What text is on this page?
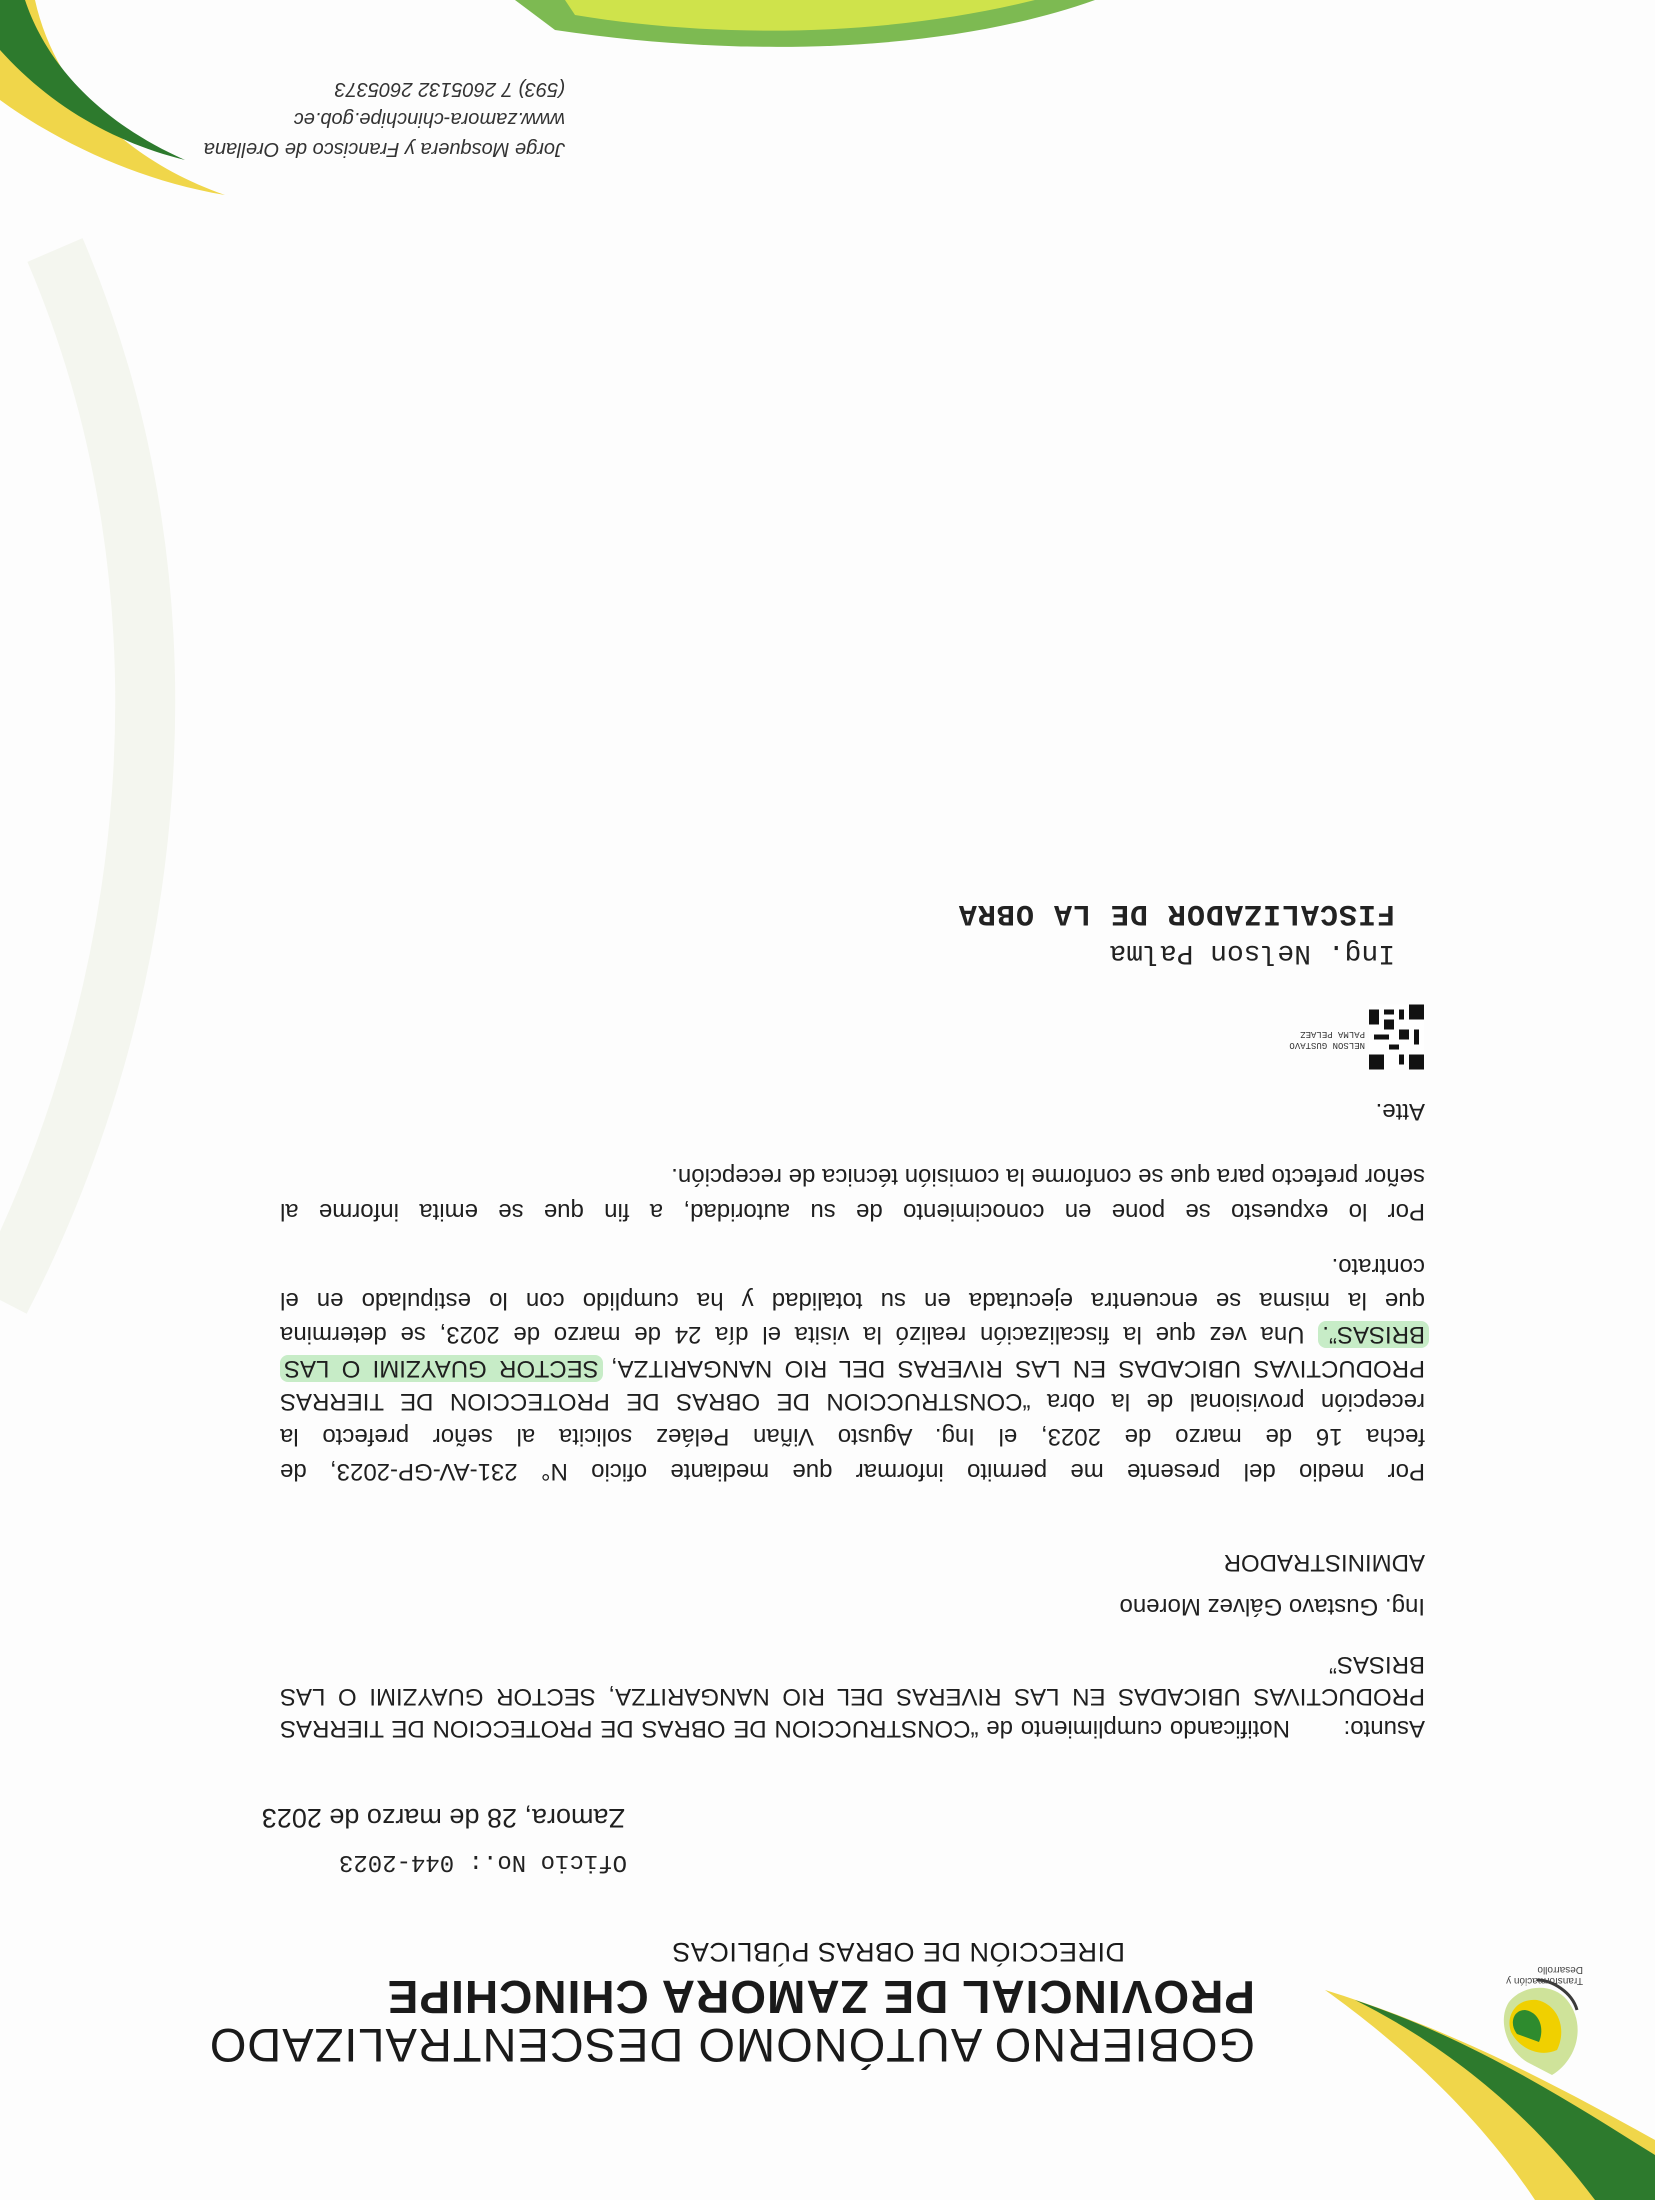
Transformación y Desarrollo
GOBIERNO AUTÓNOMO DESCENTRALIZADO
PROVINCIAL DE ZAMORA CHINCHIPE
DIRECCIÓN DE OBRAS PÚBLICAS
Oficio No.: 044-2023
Zamora, 28 de marzo de 2023
Asunto:
Notificando cumplimiento de “CONSTRUCCION DE OBRAS DE PROTECCION DE TIERRAS
PRODUCTIVAS UBICADAS EN LAS RIVERAS DEL RIO NANGARITZA, SECTOR GUAYZIMI O LAS
BRISAS”
Ing. Gustavo Gálvez Moreno
ADMINISTRADOR
Por medio del presente me permito informar que mediante oficio N° 231-AV-GP-2023, de
fecha 16 de marzo de 2023, el Ing. Agusto Viñan Peláez solicita al señor prefecto la
recepción provisional de la obra “CONSTRUCCION DE OBRAS DE PROTECCION DE TIERRAS
PRODUCTIVAS UBICADAS EN LAS RIVERAS DEL RIO NANGARITZA, SECTOR GUAYZIMI O LAS
BRISAS”. Una vez que la fiscalización realizó la visita el día 24 de marzo de 2023, se determina
que la misma se encuentra ejecutada en su totalidad y ha cumplido con lo estipulado en el
contrato.
Por lo expuesto se pone en conocimiento de su autoridad, a fin que se emita informe al
señor prefecto para que se conforme la comisión técnica de recepción.
Atte.
NELSON GUSTAVO
PALMA PELAEZ
Ing. Nelson Palma
FISCALIZADOR DE LA OBRA
Jorge Mosquera y Francisco de Orellana
www.zamora-chinchipe.gob.ec
(593) 7 2605132 2605373
